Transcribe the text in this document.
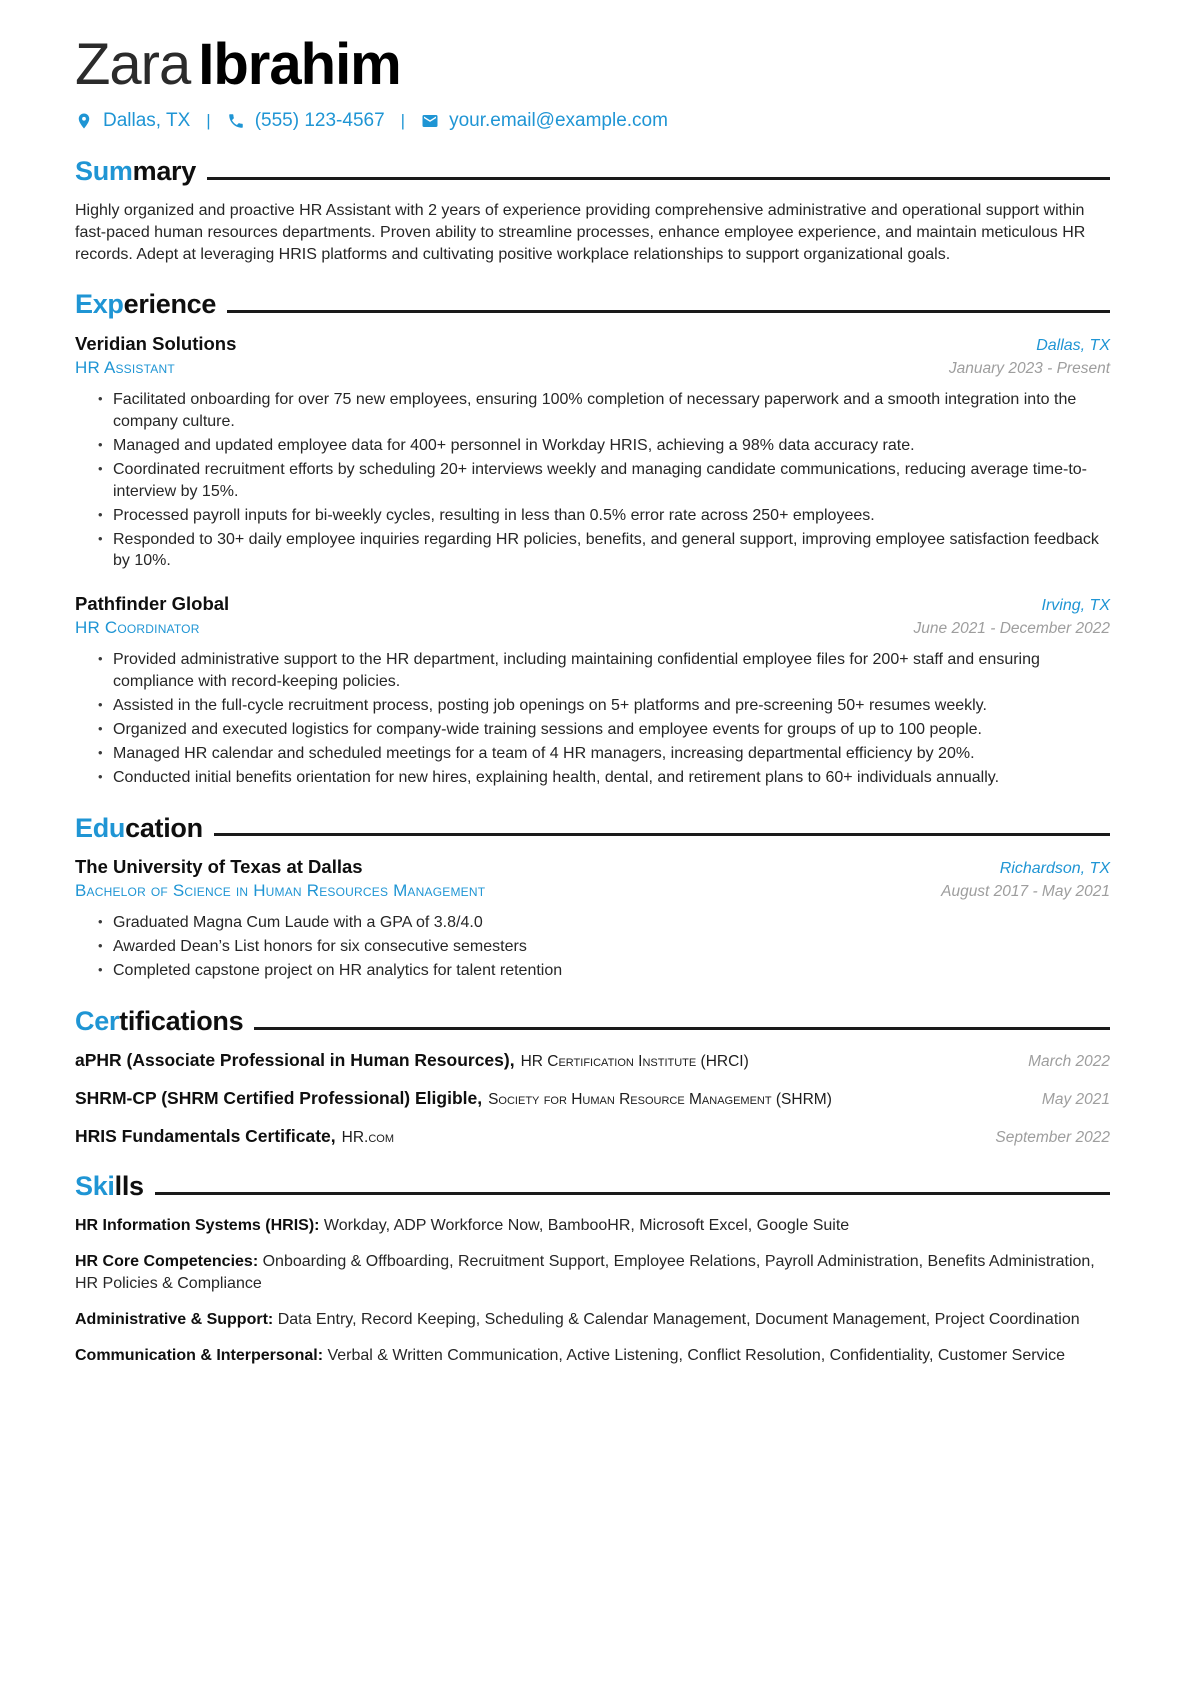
Zara Ibrahim
Dallas, TX | (555) 123-4567 | your.email@example.com
Sum mary

Highly organized and proactive HR Assistant with 2 years of experience providing comprehensive administrative and operational support within fast-paced human resources departments. Proven ability to streamline processes, enhance employee experience, and maintain meticulous HR records. Adept at leveraging HRIS platforms and cultivating positive workplace relationships to support organizational goals.

Exp erience
Veridian Solutions	Dallas, TX
HR Assistant	January 2023 - Present
• Facilitated onboarding for over 75 new employees, ensuring 100% completion of necessary paperwork and a smooth integration into the company culture.
• Managed and updated employee data for 400+ personnel in Workday HRIS, achieving a 98% data accuracy rate.
• Coordinated recruitment efforts by scheduling 20+ interviews weekly and managing candidate communications, reducing average time-to-interview by 15%.
• Processed payroll inputs for bi-weekly cycles, resulting in less than 0.5% error rate across 250+ employees.
• Responded to 30+ daily employee inquiries regarding HR policies, benefits, and general support, improving employee satisfaction feedback by 10%.
Pathfinder Global	Irving, TX
HR Coordinator	June 2021 - December 2022
• Provided administrative support to the HR department, including maintaining confidential employee files for 200+ staff and ensuring compliance with record-keeping policies.
• Assisted in the full-cycle recruitment process, posting job openings on 5+ platforms and pre-screening 50+ resumes weekly.
• Organized and executed logistics for company-wide training sessions and employee events for groups of up to 100 people.
• Managed HR calendar and scheduled meetings for a team of 4 HR managers, increasing departmental efficiency by 20%.
• Conducted initial benefits orientation for new hires, explaining health, dental, and retirement plans to 60+ individuals annually.
Edu cation
The University of Texas at Dallas	Richardson, TX
Bachelor of Science in Human Resources Management	August 2017 - May 2021
• Graduated Magna Cum Laude with a GPA of 3.8/4.0
• Awarded Dean’s List honors for six consecutive semesters
• Completed capstone project on HR analytics for talent retention
Cer tifications
aPHR (Associate Professional in Human Resources), HR Certification Institute (HRCI)	March 2022
SHRM-CP (SHRM Certified Professional) Eligible, Society for Human Resource Management (SHRM)	May 2021
HRIS Fundamentals Certificate, HR.com	September 2022
Ski lls

HR Information Systems (HRIS): Workday, ADP Workforce Now, BambooHR, Microsoft Excel, Google Suite

HR Core Competencies: Onboarding & Offboarding, Recruitment Support, Employee Relations, Payroll Administration, Benefits Administration, HR Policies & Compliance

Administrative & Support: Data Entry, Record Keeping, Scheduling & Calendar Management, Document Management, Project Coordination

Communication & Interpersonal: Verbal & Written Communication, Active Listening, Conflict Resolution, Confidentiality, Customer Service
